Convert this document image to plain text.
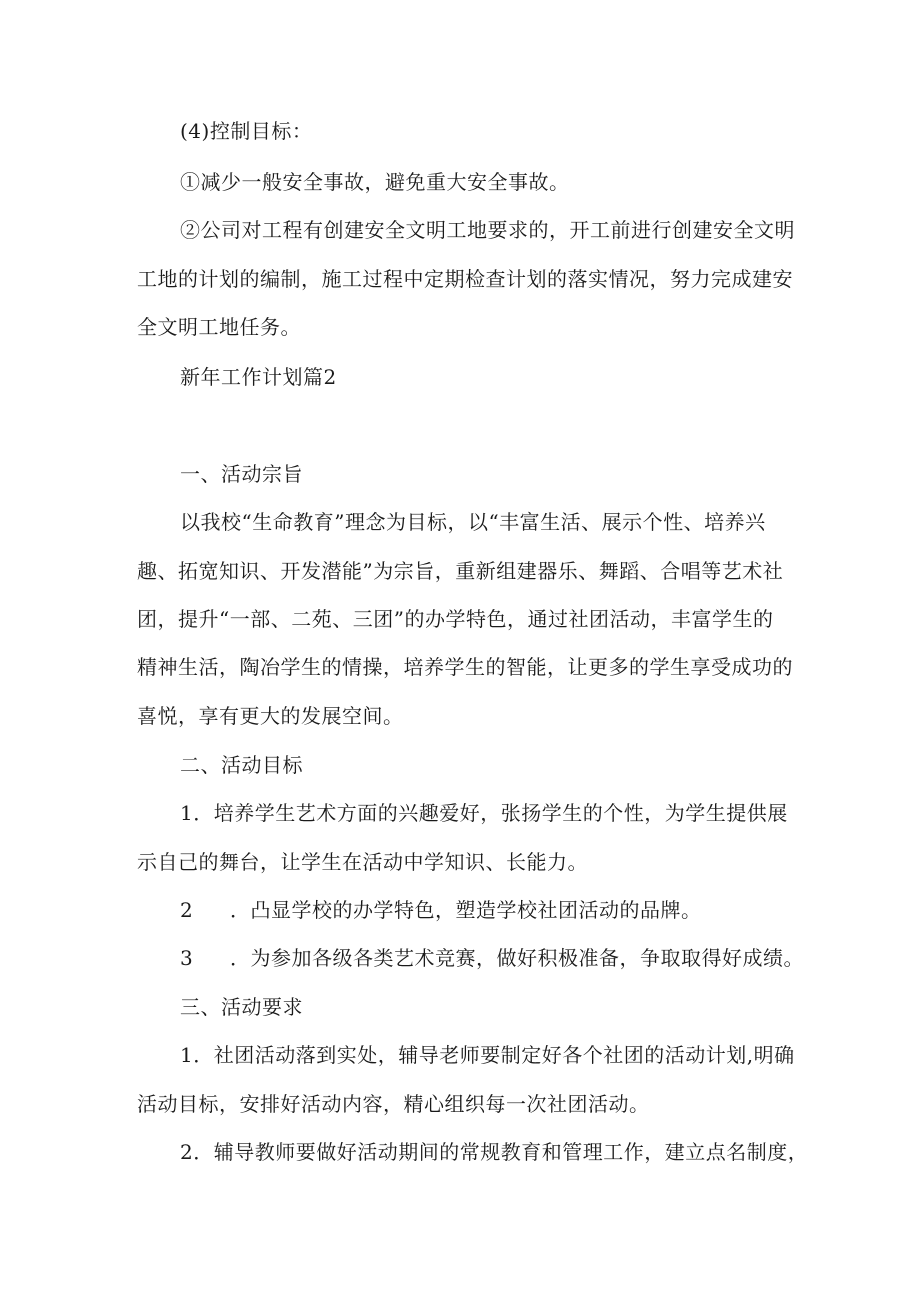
(4)控制目标：
①减少一般安全事故，避免重大安全事故。
②公司对工程有创建安全文明工地要求的，开工前进行创建安全文明
工地的计划的编制，施工过程中定期检查计划的落实情况，努力完成建安
全文明工地任务。
新年工作计划篇2
一、活动宗旨
以我校“生命教育”理念为目标，以“丰富生活、展示个性、培养兴
趣、拓宽知识、开发潜能”为宗旨，重新组建器乐、舞蹈、合唱等艺术社
团，提升“一部、二苑、三团”的办学特色，通过社团活动，丰富学生的
精神生活，陶冶学生的情操，培养学生的智能，让更多的学生享受成功的
喜悦，享有更大的发展空间。
二、活动目标
1．培养学生艺术方面的兴趣爱好，张扬学生的个性，为学生提供展
示自己的舞台，让学生在活动中学知识、长能力。
2 ．凸显学校的办学特色，塑造学校社团活动的品牌。
3 ．为参加各级各类艺术竞赛，做好积极准备，争取取得好成绩。
三、活动要求
1．社团活动落到实处，辅导老师要制定好各个社团的活动计划,明确
活动目标，安排好活动内容，精心组织每一次社团活动。
2．辅导教师要做好活动期间的常规教育和管理工作，建立点名制度，
